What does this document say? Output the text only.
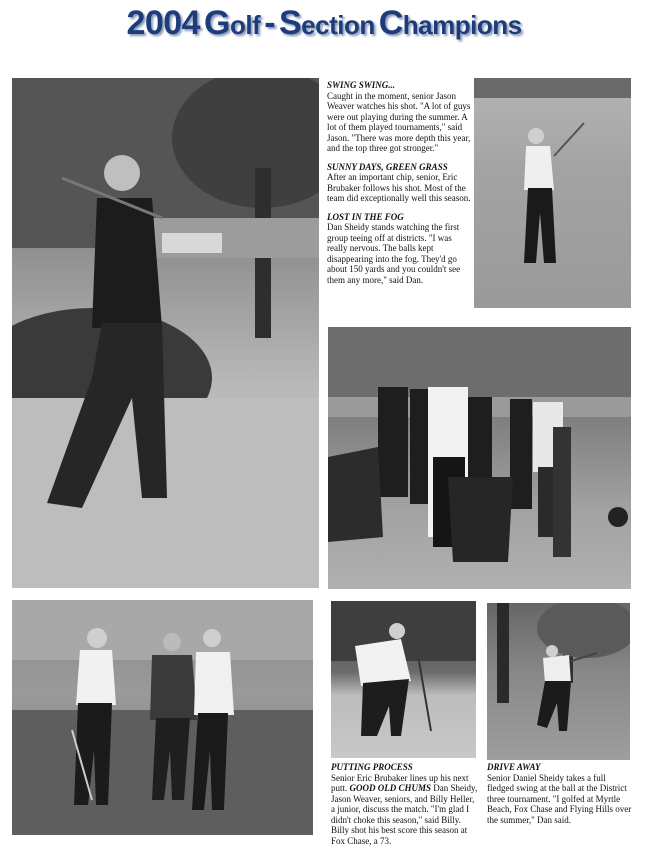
2004 Golf - Section Champions
SWING SWING...
Caught in the moment, senior Jason Weaver watches his shot. "A lot of guys were out playing during the summer. A lot of them played tournaments," said Jason. "There was more depth this year, and the top three got stronger."
SUNNY DAYS, GREEN GRASS
After an important chip, senior, Eric Brubaker follows his shot. Most of the team did exceptionally well this season.
LOST IN THE FOG
Dan Sheidy stands watching the first group teeing off at districts. "I was really nervous. The balls kept disappearing into the fog. They'd go about 150 yards and you couldn't see them any more," said Dan.
PUTTING PROCESS
Senior Eric Brubaker lines up his next putt. GOOD OLD CHUMS Dan Sheidy, Jason Weaver, seniors, and Billy Heller, a junior, discuss the match. "I'm glad I didn't choke this season," said Billy. Billy shot his best score this season at Fox Chase, a 73.
DRIVE AWAY
Senior Daniel Sheidy takes a full fledged swing at the ball at the District three tournament. "I golfed at Myrtle Beach, Fox Chase and Flying Hills over the summer," Dan said.
